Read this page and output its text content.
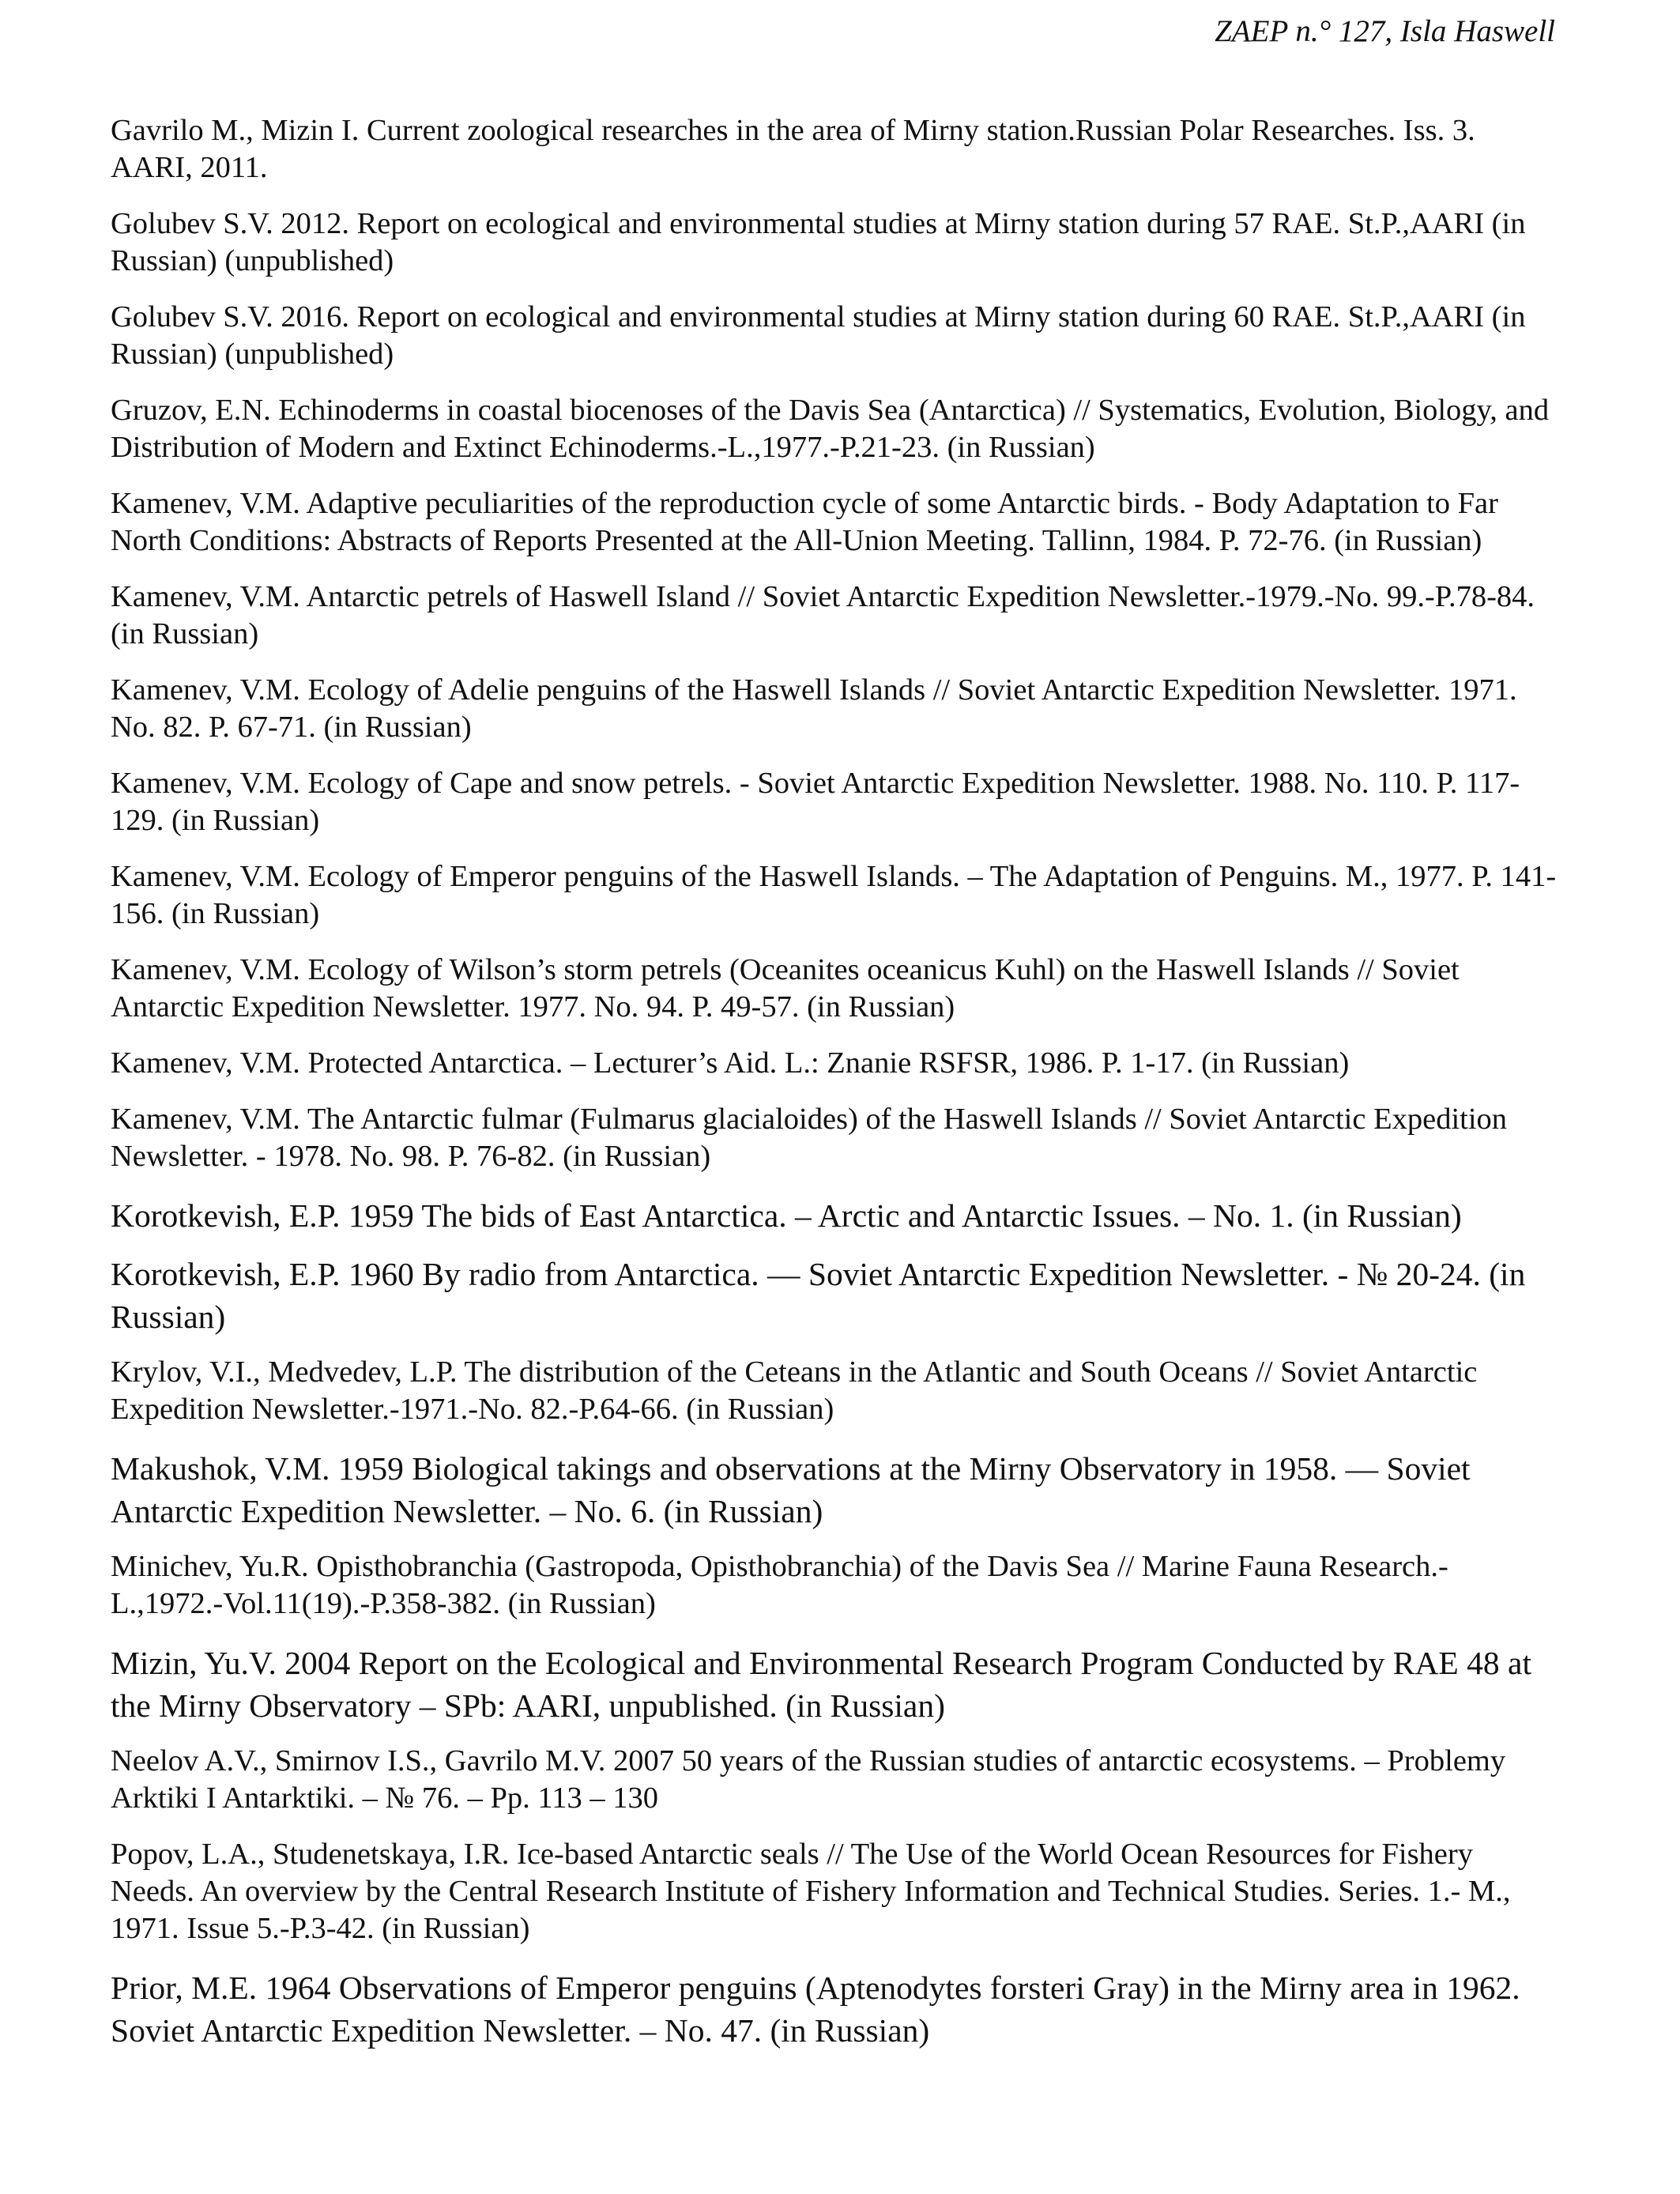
ZAEP n.° 127, Isla Haswell

Gavrilo M., Mizin I. Current zoological researches in the area of Mirny station.Russian Polar Researches. Iss. 3. AARI, 2011.

Golubev S.V. 2012. Report on ecological and environmental studies at Mirny station during 57 RAE. St.P.,AARI (in Russian) (unpublished)

Golubev S.V. 2016. Report on ecological and environmental studies at Mirny station during 60 RAE. St.P.,AARI (in Russian) (unpublished)

Gruzov, E.N. Echinoderms in coastal biocenoses of the Davis Sea (Antarctica) // Systematics, Evolution, Biology, and Distribution of Modern and Extinct Echinoderms.-L.,1977.-P.21-23. (in Russian)

Kamenev, V.M. Adaptive peculiarities of the reproduction cycle of some Antarctic birds. - Body Adaptation to Far North Conditions: Abstracts of Reports Presented at the All-Union Meeting. Tallinn, 1984. P. 72-76. (in Russian)

Kamenev, V.M. Antarctic petrels of Haswell Island // Soviet Antarctic Expedition Newsletter.-1979.-No. 99.-P.78-84. (in Russian)

Kamenev, V.M. Ecology of Adelie penguins of the Haswell Islands // Soviet Antarctic Expedition Newsletter. 1971. No. 82. P. 67-71. (in Russian)

Kamenev, V.M. Ecology of Cape and snow petrels. - Soviet Antarctic Expedition Newsletter. 1988. No. 110. P. 117-129. (in Russian)

Kamenev, V.M. Ecology of Emperor penguins of the Haswell Islands. – The Adaptation of Penguins. M., 1977. P. 141-156. (in Russian)

Kamenev, V.M. Ecology of Wilson’s storm petrels (Oceanites oceanicus Kuhl) on the Haswell Islands // Soviet Antarctic Expedition Newsletter. 1977. No. 94. P. 49-57. (in Russian)

Kamenev, V.M. Protected Antarctica. – Lecturer’s Aid. L.: Znanie RSFSR, 1986. P. 1-17. (in Russian)

Kamenev, V.M. The Antarctic fulmar (Fulmarus glacialoides) of the Haswell Islands // Soviet Antarctic Expedition Newsletter. - 1978. No. 98. P. 76-82. (in Russian)

Korotkevish, E.P. 1959 The bids of East Antarctica. – Arctic and Antarctic Issues. – No. 1. (in Russian)

Korotkevish, E.P. 1960 By radio from Antarctica. — Soviet Antarctic Expedition Newsletter. - № 20-24. (in Russian)

Krylov, V.I., Medvedev, L.P. The distribution of the Ceteans in the Atlantic and South Oceans // Soviet Antarctic Expedition Newsletter.-1971.-No. 82.-P.64-66. (in Russian)

Makushok, V.M. 1959 Biological takings and observations at the Mirny Observatory in 1958. — Soviet Antarctic Expedition Newsletter. – No. 6. (in Russian)

Minichev, Yu.R. Opisthobranchia (Gastropoda, Opisthobranchia) of the Davis Sea // Marine Fauna Research.-L.,1972.-Vol.11(19).-P.358-382. (in Russian)

Mizin, Yu.V. 2004 Report on the Ecological and Environmental Research Program Conducted by RAE 48 at the Mirny Observatory – SPb: AARI, unpublished. (in Russian)

Neelov A.V., Smirnov I.S., Gavrilo M.V. 2007 50 years of the Russian studies of antarctic ecosystems. – Problemy Arktiki I Antarktiki. – № 76. – Pp. 113 – 130

Popov, L.A., Studenetskaya, I.R. Ice-based Antarctic seals // The Use of the World Ocean Resources for Fishery Needs. An overview by the Central Research Institute of Fishery Information and Technical Studies. Series. 1.- M., 1971. Issue 5.-P.3-42. (in Russian)

Prior, M.E. 1964 Observations of Emperor penguins (Aptenodytes forsteri Gray) in the Mirny area in 1962. Soviet Antarctic Expedition Newsletter. – No. 47. (in Russian)
